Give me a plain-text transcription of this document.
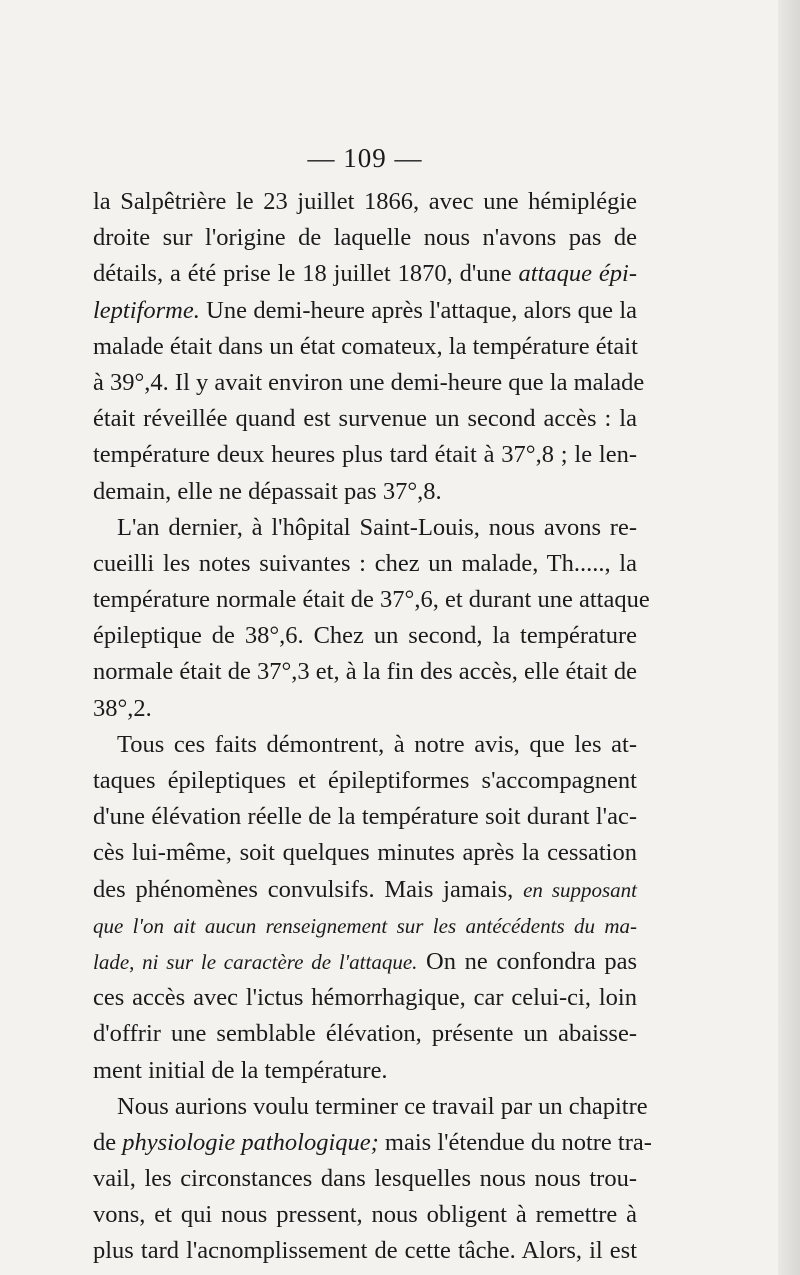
— 109 —
la Salpêtrière le 23 juillet 1866, avec une hémiplégie
droite sur l'origine de laquelle nous n'avons pas de
détails, a été prise le 18 juillet 1870, d'une attaque épi-
leptiforme. Une demi-heure après l'attaque, alors que la
malade était dans un état comateux, la température était
à 39°,4. Il y avait environ une demi-heure que la malade
était réveillée quand est survenue un second accès : la
température deux heures plus tard était à 37°,8 ; le len-
demain, elle ne dépassait pas 37°,8.
L'an dernier, à l'hôpital Saint-Louis, nous avons re-
cueilli les notes suivantes : chez un malade, Th....., la
température normale était de 37°,6, et durant une attaque
épileptique de 38°,6. Chez un second, la température
normale était de 37°,3 et, à la fin des accès, elle était de
38°,2.
Tous ces faits démontrent, à notre avis, que les at-
taques épileptiques et épileptiformes s'accompagnent
d'une élévation réelle de la température soit durant l'ac-
cès lui-même, soit quelques minutes après la cessation
des phénomènes convulsifs. Mais jamais, en supposant
que l'on ait aucun renseignement sur les antécédents du ma-
lade, ni sur le caractère de l'attaque. On ne confondra pas
ces accès avec l'ictus hémorrhagique, car celui-ci, loin
d'offrir une semblable élévation, présente un abaisse-
ment initial de la température.
Nous aurions voulu terminer ce travail par un chapitre
de physiologie pathologique; mais l'étendue du notre tra-
vail, les circonstances dans lesquelles nous nous trou-
vons, et qui nous pressent, nous obligent à remettre à
plus tard l'acnomplissement de cette tâche. Alors, il est
